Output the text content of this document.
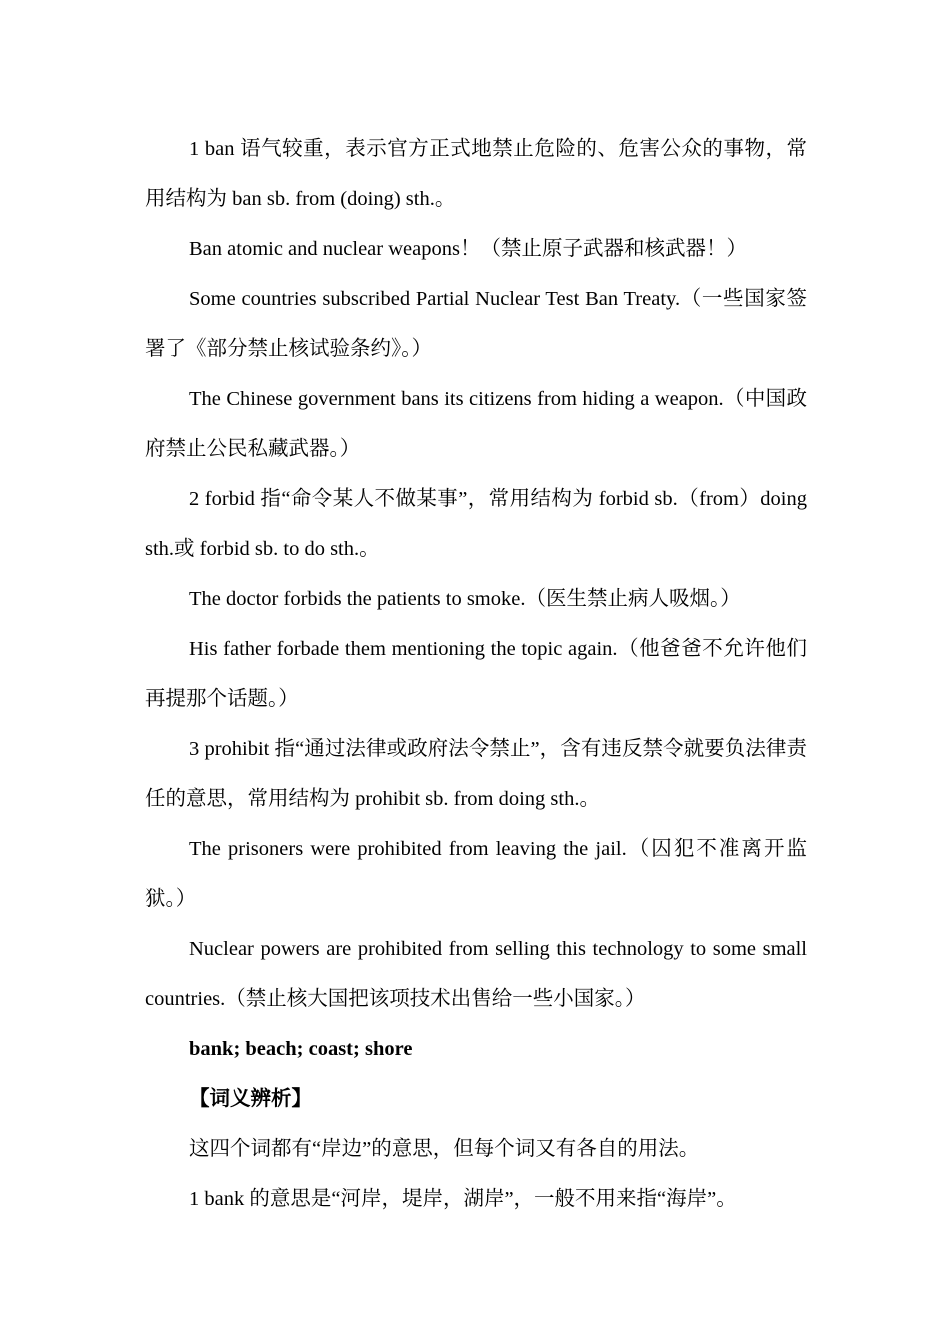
1 ban 语气较重，表示官方正式地禁止危险的、危害公众的事物，常用结构为 ban sb. from (doing) sth.。

Ban atomic and nuclear weapons！（禁止原子武器和核武器！）

Some countries subscribed Partial Nuclear Test Ban Treaty.（一些国家签署了《部分禁止核试验条约》。）

The Chinese government bans its citizens from hiding a weapon.（中国政府禁止公民私藏武器。）

2 forbid 指“命令某人不做某事”，常用结构为 forbid sb.（from）doing sth.或 forbid sb. to do sth.。

The doctor forbids the patients to smoke.（医生禁止病人吸烟。）

His father forbade them mentioning the topic again.（他爸爸不允许他们再提那个话题。）

3 prohibit 指“通过法律或政府法令禁止”，含有违反禁令就要负法律责任的意思，常用结构为 prohibit sb. from doing sth.。

The prisoners were prohibited from leaving the jail.（囚犯不准离开监狱。）

Nuclear powers are prohibited from selling this technology to some small countries.（禁止核大国把该项技术出售给一些小国家。）

bank; beach; coast; shore

【词义辨析】

这四个词都有“岸边”的意思，但每个词又有各自的用法。

1 bank 的意思是“河岸，堤岸，湖岸”，一般不用来指“海岸”。
